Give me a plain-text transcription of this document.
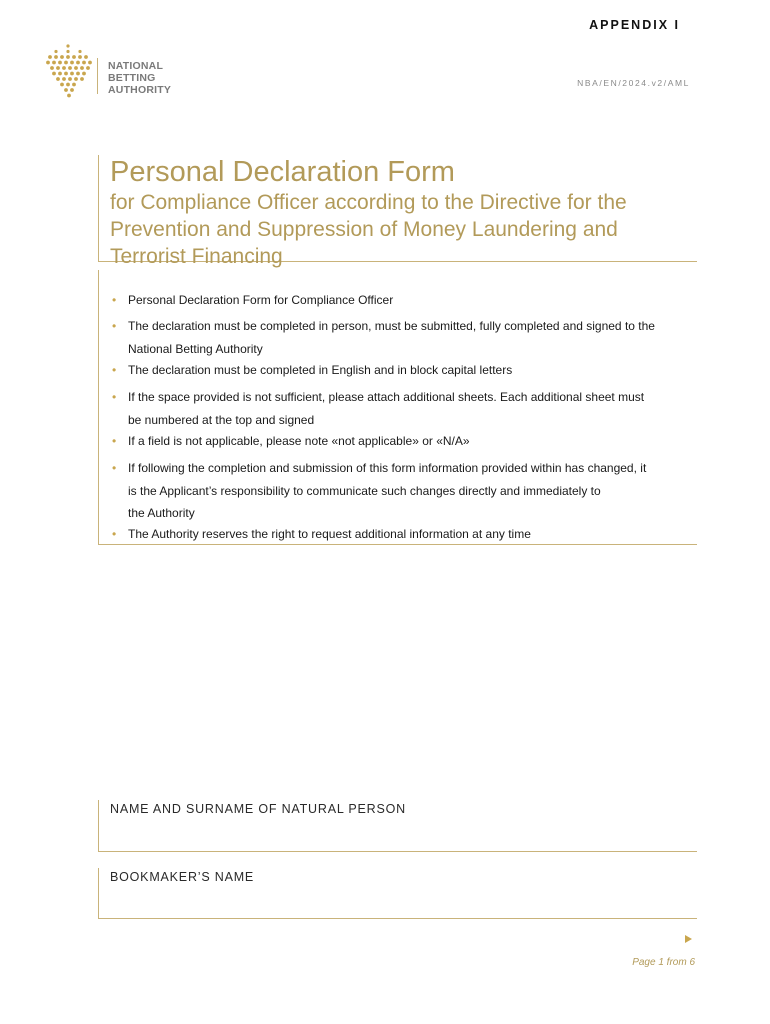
APPENDIX I
NATIONAL
BETTING
AUTHORITY
NBA/EN/2024.v2/AML
Personal Declaration Form
for Compliance Officer according to the Directive for the
Prevention and Suppression of Money Laundering and
Terrorist Financing
• Personal Declaration Form for Compliance Officer
• The declaration must be completed in person, must be submitted, fully completed and signed to the
National Betting Authority
• The declaration must be completed in English and in block capital letters
• If the space provided is not sufficient, please attach additional sheets. Each additional sheet must
be numbered at the top and signed
• If a field is not applicable, please note «not applicable» or «N/A»
• If following the completion and submission of this form information provided within has changed, it
is the Applicant’s responsibility to communicate such changes directly and immediately to
the Authority
• The Authority reserves the right to request additional information at any time
NAME AND SURNAME OF NATURAL PERSON
BOOKMAKER’S NAME
Page 1 from 6
